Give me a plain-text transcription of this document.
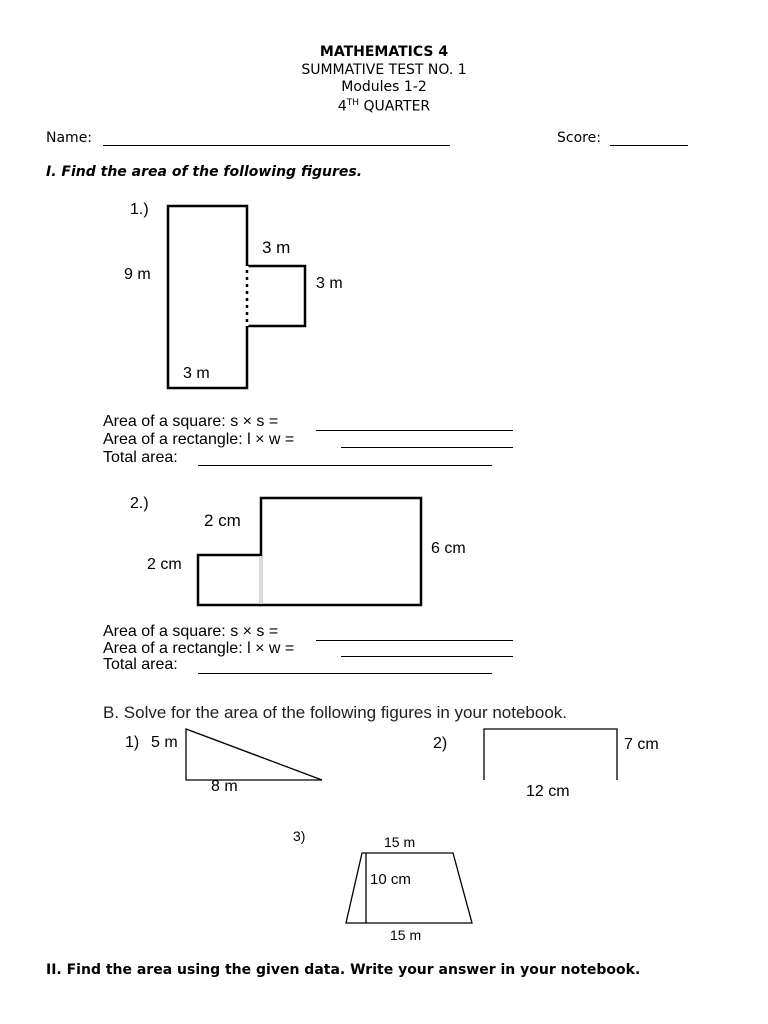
MATHEMATICS 4
SUMMATIVE TEST NO. 1
Modules 1-2
4TH QUARTER
Name:	Score:
I. Find the area of the following figures.
1.)
9 m
3 m
3 m
3 m
Area of a square: s × s =
Area of a rectangle: l × w =
Total area:
2.)
2 cm
2 cm
6 cm
Area of a square: s × s =
Area of a rectangle: l × w =
Total area:
B. Solve for the area of the following figures in your notebook.
1) 5 m
8 m
2)	7 cm
12 cm
3)	15 m
10 cm
15 m
II. Find the area using the given data. Write your answer in your notebook.
